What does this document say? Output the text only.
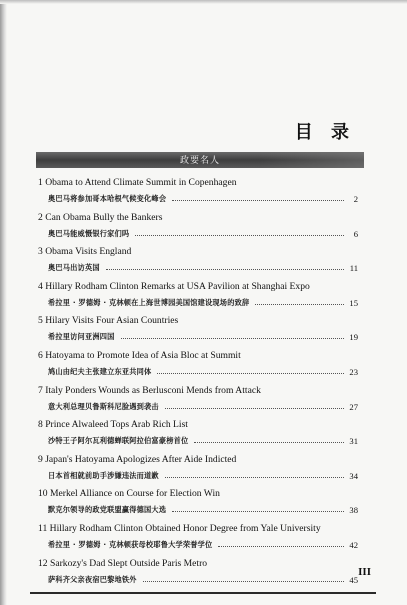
目 录
政要名人
1 Obama to Attend Climate Summit in Copenhagen
奥巴马将参加哥本哈根气候变化峰会	2
2 Can Obama Bully the Bankers
奥巴马能威慑银行家们吗	6
3 Obama Visits England
奥巴马出访英国	11
4 Hillary Rodham Clinton Remarks at USA Pavilion at Shanghai Expo
希拉里 · 罗德姆 · 克林顿在上海世博园美国馆建设现场的致辞	15
5 Hilary Visits Four Asian Countries
希拉里访问亚洲四国	19
6 Hatoyama to Promote Idea of Asia Bloc at Summit
鸠山由纪夫主张建立东亚共同体	23
7 Italy Ponders Wounds as Berlusconi Mends from Attack
意大利总理贝鲁斯科尼脸遇到袭击	27
8 Prince Alwaleed Tops Arab Rich List
沙特王子阿尔瓦利德蝉联阿拉伯富豪榜首位	31
9 Japan's Hatoyama Apologizes After Aide Indicted
日本首相就前助手涉嫌违法而道歉	34
10 Merkel Alliance on Course for Election Win
默克尔领导的政党联盟赢得德国大选	38
11 Hillary Rodham Clinton Obtained Honor Degree from Yale University
希拉里 · 罗德姆 · 克林顿获母校耶鲁大学荣誉学位	42
12 Sarkozy's Dad Slept Outside Paris Metro
萨科齐父亲夜宿巴黎地铁外	45
III
